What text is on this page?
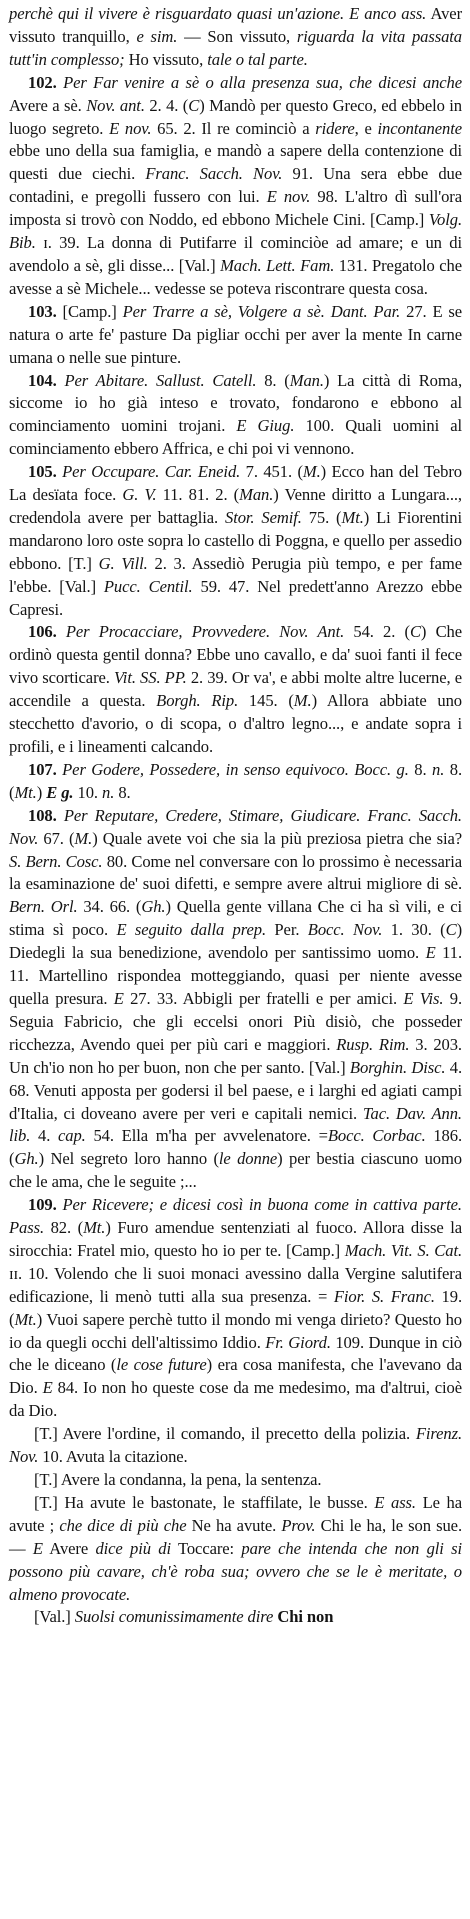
perchè qui il vivere è risguardato quasi un'azione. E anco ass. Aver vissuto tranquillo, e sim. — Son vissuto, riguarda la vita passata tutt'in complesso; Ho vissuto, tale o tal parte.

102. Per Far venire a sè o alla presenza sua, che dicesi anche Avere a sè. Nov. ant. 2. 4. (C) Mandò per questo Greco, ed ebbelo in luogo segreto. E nov. 65. 2. Il re cominciò a ridere, e incontanente ebbe uno della sua famiglia, e mandò a sapere della contenzione di questi due ciechi. Franc. Sacch. Nov. 91. Una sera ebbe due contadini, e pregolli fussero con lui. E nov. 98. L'altro dì sull'ora imposta si trovò con Noddo, ed ebbono Michele Cini. [Camp.] Volg. Bib. ɪ. 39. La donna di Putifarre il cominciòe ad amare; e un di avendolo a sè, gli disse... [Val.] Mach. Lett. Fam. 131. Pregatolo che avesse a sè Michele... vedesse se poteva riscontrare questa cosa.

103. [Camp.] Per Trarre a sè, Volgere a sè. Dant. Par. 27. E se natura o arte fe' pasture Da pigliar occhi per aver la mente In carne umana o nelle sue pinture.

104. Per Abitare. Sallust. Catell. 8. (Man.) La città di Roma, siccome io ho già inteso e trovato, fondarono e ebbono al cominciamento uomini trojani. E Giug. 100. Quali uomini al cominciamento ebbero Affrica, e chi poi vi vennono.

105. Per Occupare. Car. Eneid. 7. 451. (M.) Ecco han del Tebro La desïata foce. G. V. 11. 81. 2. (Man.) Venne diritto a Lungara..., credendola avere per battaglia. Stor. Semif. 75. (Mt.) Li Fiorentini mandarono loro oste sopra lo castello di Poggna, e quello per assedio ebbono. [T.] G. Vill. 2. 3. Assediò Perugia più tempo, e per fame l'ebbe. [Val.] Pucc. Centil. 59. 47. Nel predett'anno Arezzo ebbe Capresi.

106. Per Procacciare, Provvedere. Nov. Ant. 54. 2. (C) Che ordinò questa gentil donna? Ebbe uno cavallo, e da' suoi fanti il fece vivo scorticare. Vit. SS. PP. 2. 39. Or va', e abbi molte altre lucerne, e accendile a questa. Borgh. Rip. 145. (M.) Allora abbiate uno stecchetto d'avorio, o di scopa, o d'altro legno..., e andate sopra i profili, e i lineamenti calcando.

107. Per Godere, Possedere, in senso equivoco. Bocc. g. 8. n. 8. (Mt.) E g. 10. n. 8.

108. Per Reputare, Credere, Stimare, Giudicare. Franc. Sacch. Nov. 67. (M.) Quale avete voi che sia la più preziosa pietra che sia? S. Bern. Cosc. 80. Come nel conversare con lo prossimo è necessaria la esaminazione de' suoi difetti, e sempre avere altrui migliore di sè. Bern. Orl. 34. 66. (Gh.) Quella gente villana Che ci ha sì vili, e ci stima sì poco. E seguito dalla prep. Per. Bocc. Nov. 1. 30. (C) Diedegli la sua benedizione, avendolo per santissimo uomo. E 11. 11. Martellino rispondea motteggiando, quasi per niente avesse quella presura. E 27. 33. Abbigli per fratelli e per amici. E Vis. 9. Seguia Fabricio, che gli eccelsi onori Più disiò, che posseder ricchezza, Avendo quei per più cari e maggiori. Rusp. Rim. 3. 203. Un ch'io non ho per buon, non che per santo. [Val.] Borghin. Disc. 4. 68. Venuti apposta per godersi il bel paese, e i larghi ed agiati campi d'Italia, ci doveano avere per veri e capitali nemici. Tac. Dav. Ann. lib. 4. cap. 54. Ella m'ha per avvelenatore. =Bocc. Corbac. 186. (Gh.) Nel segreto loro hanno (le donne) per bestia ciascuno uomo che le ama, che le seguite ;...

109. Per Ricevere; e dicesi così in buona come in cattiva parte. Pass. 82. (Mt.) Furo amendue sentenziati al fuoco. Allora disse la sirocchia: Fratel mio, questo ho io per te. [Camp.] Mach. Vit. S. Cat. ɪɪ. 10. Volendo che li suoi monaci avessino dalla Vergine salutifera edificazione, li menò tutti alla sua presenza. = Fior. S. Franc. 19. (Mt.) Vuoi sapere perchè tutto il mondo mi venga dirieto? Questo ho io da quegli occhi dell'altissimo Iddio. Fr. Giord. 109. Dunque in ciò che le diceano (le cose future) era cosa manifesta, che l'avevano da Dio. E 84. Io non ho queste cose da me medesimo, ma d'altrui, cioè da Dio.

[T.] Avere l'ordine, il comando, il precetto della polizia. Firenz. Nov. 10. Avuta la citazione.

[T.] Avere la condanna, la pena, la sentenza.

[T.] Ha avute le bastonate, le staffilate, le busse. E ass. Le ha avute ; che dice di più che Ne ha avute. Prov. Chi le ha, le son sue. — E Avere dice più di Toccare: pare che intenda che non gli si possono più cavare, ch'è roba sua; ovvero che se le è meritate, o almeno provocate.

[Val.] Suolsi comunissimamente dire Chi non
